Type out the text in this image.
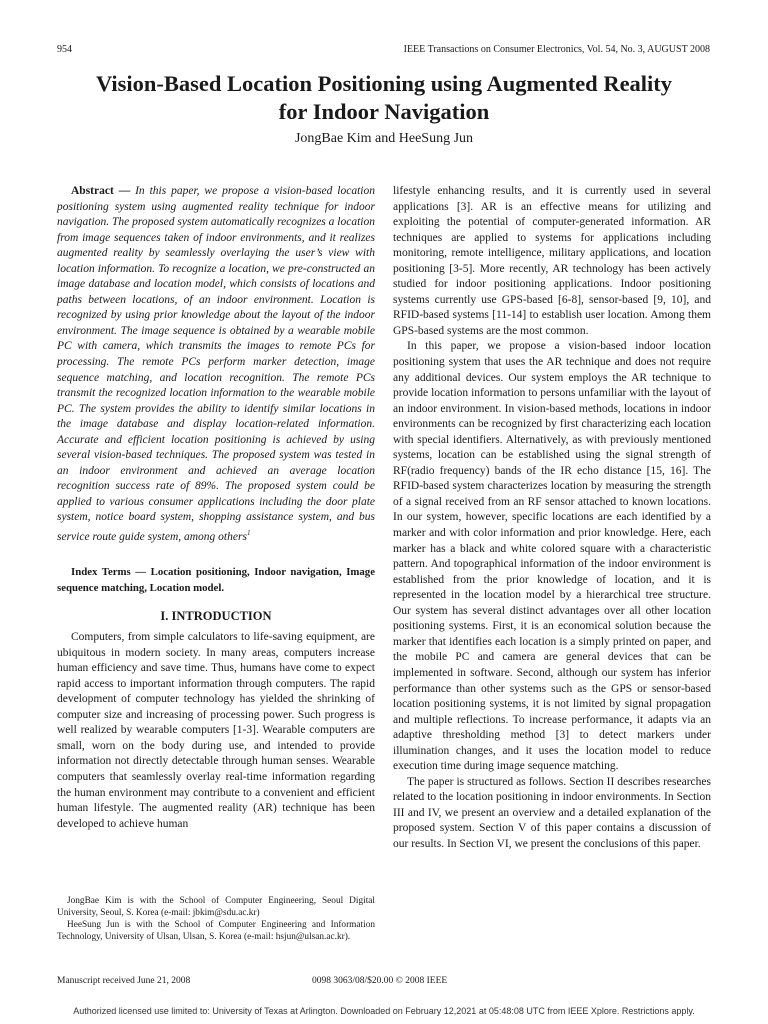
954	IEEE Transactions on Consumer Electronics, Vol. 54, No. 3, AUGUST 2008
Vision-Based Location Positioning using Augmented Reality
for Indoor Navigation
JongBae Kim and HeeSung Jun

Abstract — In this paper, we propose a vision-based location positioning system using augmented reality technique for indoor navigation. The proposed system automatically recognizes a location from image sequences taken of indoor environments, and it realizes augmented reality by seamlessly overlaying the user’s view with location information. To recognize a location, we pre-constructed an image database and location model, which consists of locations and paths between locations, of an indoor environment. Location is recognized by using prior knowledge about the layout of the indoor environment. The image sequence is obtained by a wearable mobile PC with camera, which transmits the images to remote PCs for processing. The remote PCs perform marker detection, image sequence matching, and location recognition. The remote PCs transmit the recognized location information to the wearable mobile PC. The system provides the ability to identify similar locations in the image database and display location-related information. Accurate and efficient location positioning is achieved by using several vision-based techniques. The proposed system was tested in an indoor environment and achieved an average location recognition success rate of 89%. The proposed system could be applied to various consumer applications including the door plate system, notice board system, shopping assistance system, and bus service route guide system, among others$^1$

Index Terms — Location positioning, Indoor navigation, Image sequence matching, Location model.

I. INTRODUCTION

Computers, from simple calculators to life-saving equipment, are ubiquitous in modern society. In many areas, computers increase human efficiency and save time. Thus, humans have come to expect rapid access to important information through computers. The rapid development of computer technology has yielded the shrinking of computer size and increasing of processing power. Such progress is well realized by wearable computers [1-3]. Wearable computers are small, worn on the body during use, and intended to provide information not directly detectable through human senses. Wearable computers that seamlessly overlay real-time information regarding the human environment may contribute to a convenient and efficient human lifestyle. The augmented reality (AR) technique has been developed to achieve human

lifestyle enhancing results, and it is currently used in several applications [3]. AR is an effective means for utilizing and exploiting the potential of computer-generated information. AR techniques are applied to systems for applications including monitoring, remote intelligence, military applications, and location positioning [3-5]. More recently, AR technology has been actively studied for indoor positioning applications. Indoor positioning systems currently use GPS-based [6-8], sensor-based [9, 10], and RFID-based systems [11-14] to establish user location. Among them GPS-based systems are the most common.

In this paper, we propose a vision-based indoor location positioning system that uses the AR technique and does not require any additional devices. Our system employs the AR technique to provide location information to persons unfamiliar with the layout of an indoor environment. In vision-based methods, locations in indoor environments can be recognized by first characterizing each location with special identifiers. Alternatively, as with previously mentioned systems, location can be established using the signal strength of RF(radio frequency) bands of the IR echo distance [15, 16]. The RFID-based system characterizes location by measuring the strength of a signal received from an RF sensor attached to known locations. In our system, however, specific locations are each identified by a marker and with color information and prior knowledge. Here, each marker has a black and white colored square with a characteristic pattern. And topographical information of the indoor environment is established from the prior knowledge of location, and it is represented in the location model by a hierarchical tree structure. Our system has several distinct advantages over all other location positioning systems. First, it is an economical solution because the marker that identifies each location is a simply printed on paper, and the mobile PC and camera are general devices that can be implemented in software. Second, although our system has inferior performance than other systems such as the GPS or sensor-based location positioning systems, it is not limited by signal propagation and multiple reflections. To increase performance, it adapts via an adaptive thresholding method [3] to detect markers under illumination changes, and it uses the location model to reduce execution time during image sequence matching.

The paper is structured as follows. Section II describes researches related to the location positioning in indoor environments. In Section III and IV, we present an overview and a detailed explanation of the proposed system. Section V of this paper contains a discussion of our results. In Section VI, we present the conclusions of this paper.

JongBae Kim is with the School of Computer Engineering, Seoul Digital University, Seoul, S. Korea (e-mail: jbkim@sdu.ac.kr)

HeeSung Jun is with the School of Computer Engineering and Information Technology, University of Ulsan, Ulsan, S. Korea (e-mail: hsjun@ulsan.ac.kr).

Manuscript received June 21, 2008	0098 3063/08/$20.00 © 2008 IEEE
Authorized licensed use limited to: University of Texas at Arlington. Downloaded on February 12,2021 at 05:48:08 UTC from IEEE Xplore. Restrictions apply.
